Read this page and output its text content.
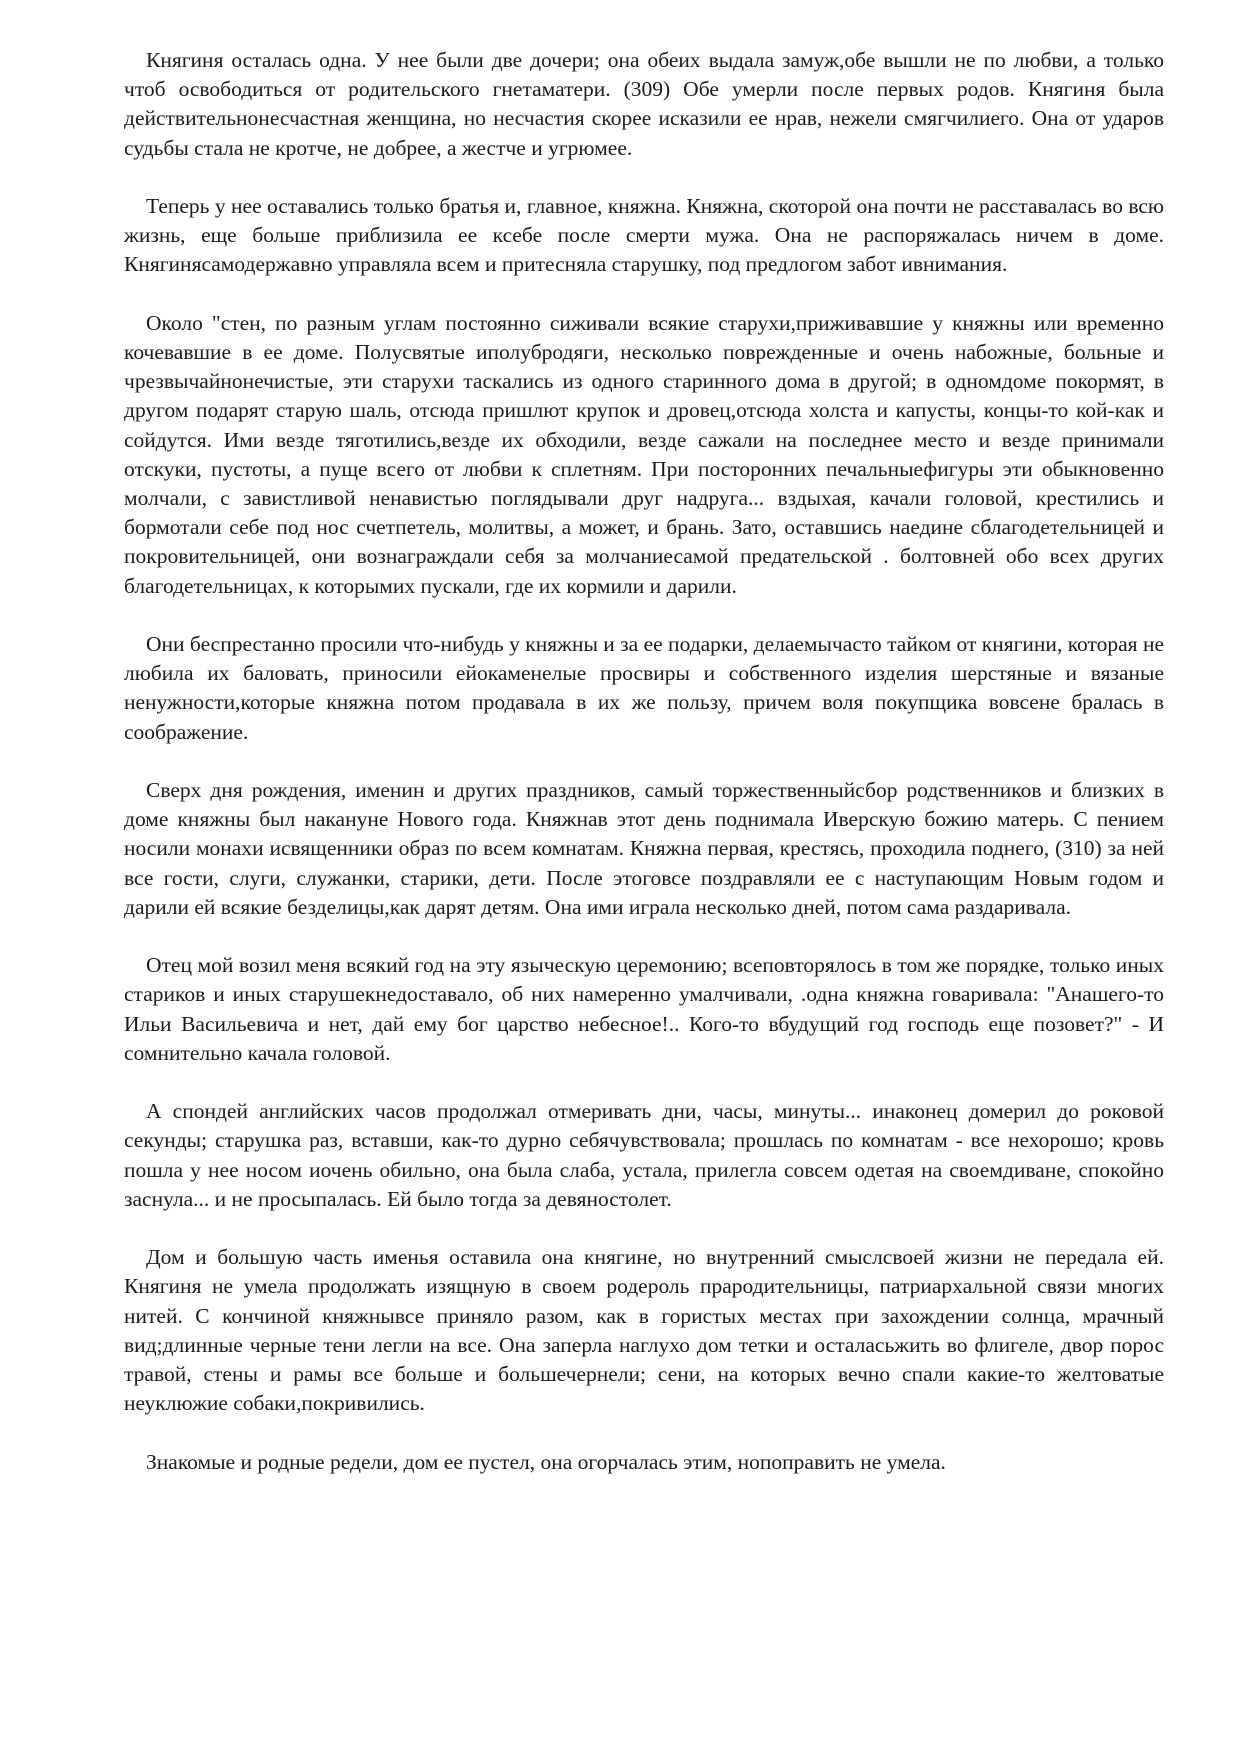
Княгиня осталась одна. У нее были две дочери; она обеих выдала замуж,обе вышли не по любви, а только чтоб освободиться от родительского гнетаматери. (309) Обе умерли после первых родов. Княгиня была действительнонесчастная женщина, но несчастия скорее исказили ее нрав, нежели смягчилиего. Она от ударов судьбы стала не кротче, не добрее, а жестче и угрюмее.

Теперь у нее оставались только братья и, главное, княжна. Княжна, скоторой она почти не расставалась во всю жизнь, еще больше приблизила ее ксебе после смерти мужа. Она не распоряжалась ничем в доме. Княгинясамодержавно управляла всем и притесняла старушку, под предлогом забот ивнимания.

Около "стен, по разным углам постоянно сиживали всякие старухи,приживавшие у княжны или временно кочевавшие в ее доме. Полусвятые иполубродяги, несколько поврежденные и очень набожные, больные и чрезвычайнонечистые, эти старухи таскались из одного старинного дома в другой; в одномдоме покормят, в другом подарят старую шаль, отсюда пришлют крупок и дровец,отсюда холста и капусты, концы-то кой-как и сойдутся. Ими везде тяготились,везде их обходили, везде сажали на последнее место и везде принимали отскуки, пустоты, а пуще всего от любви к сплетням. При посторонних печальныефигуры эти обыкновенно молчали, с завистливой ненавистью поглядывали друг надруга... вздыхая, качали головой, крестились и бормотали себе под нос счетпетель, молитвы, а может, и брань. Зато, оставшись наедине сблагодетельницей и покровительницей, они вознаграждали себя за молчаниесамой предательской . болтовней обо всех других благодетельницах, к которымих пускали, где их кормили и дарили.

Они беспрестанно просили что-нибудь у княжны и за ее подарки, делаемычасто тайком от княгини, которая не любила их баловать, приносили ейокаменелые просвиры и собственного изделия шерстяные и вязаные ненужности,которые княжна потом продавала в их же пользу, причем воля покупщика вовсене бралась в соображение.

Сверх дня рождения, именин и других праздников, самый торжественныйсбор родственников и близких в доме княжны был накануне Нового года. Княжнав этот день поднимала Иверскую божию матерь. С пением носили монахи исвященники образ по всем комнатам. Княжна первая, крестясь, проходила поднего, (310) за ней все гости, слуги, служанки, старики, дети. После этоговсе поздравляли ее с наступающим Новым годом и дарили ей всякие безделицы,как дарят детям. Она ими играла несколько дней, потом сама раздаривала.

Отец мой возил меня всякий год на эту языческую церемонию; всеповторялось в том же порядке, только иных стариков и иных старушекнедоставало, об них намеренно умалчивали, .одна княжна говаривала: "Анашего-то Ильи Васильевича и нет, дай ему бог царство небесное!.. Кого-то вбудущий год господь еще позовет?" - И сомнительно качала головой.

А спондей английских часов продолжал отмеривать дни, часы, минуты... инаконец домерил до роковой секунды; старушка раз, вставши, как-то дурно себячувствовала; прошлась по комнатам - все нехорошо; кровь пошла у нее носом иочень обильно, она была слаба, устала, прилегла совсем одетая на своемдиване, спокойно заснула... и не просыпалась. Ей было тогда за девяностолет.

Дом и большую часть именья оставила она княгине, но внутренний смыслсвоей жизни не передала ей. Княгиня не умела продолжать изящную в своем родероль прародительницы, патриархальной связи многих нитей. С кончиной княжнывсе приняло разом, как в гористых местах при захождении солнца, мрачный вид;длинные черные тени легли на все. Она заперла наглухо дом тетки и осталасьжить во флигеле, двор порос травой, стены и рамы все больше и большечернели; сени, на которых вечно спали какие-то желтоватые неуклюжие собаки,покривились.

Знакомые и родные редели, дом ее пустел, она огорчалась этим, нопоправить не умела.
